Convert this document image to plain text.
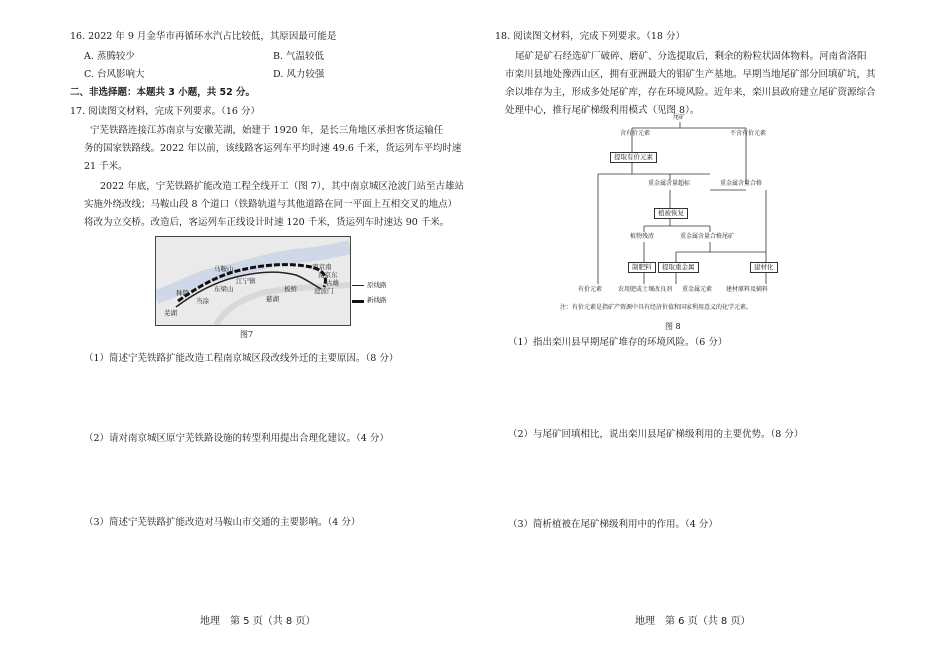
16. 2022 年 9 月金华市再循环水汽占比较低，其原因最可能是
A. 蒸腾较少	B. 气温较低
C. 台风影响大	D. 风力较强
二、非选择题：本题共 3 小题，共 52 分。
17. 阅读图文材料，完成下列要求。（16 分）
宁芜铁路连接江苏南京与安徽芜湖，始建于 1920 年，是长三角地区承担客货运输任
务的国家铁路线。2022 年以前，该线路客运列车平均时速 49.6 千米，货运列车平均时速
21 千米。
2022 年底，宁芜铁路扩能改造工程全线开工（图 7），其中南京城区沧波门站至古雄站
实施外绕改线；马鞍山段 8 个道口（铁路轨道与其他道路在同一平面上互相交叉的地点）
将改为立交桥。改造后，客运列车正线设计时速 120 千米，货运列车时速达 90 千米。
马鞍山
江宁镇
南京南
南京东
古雄
沧波门
板桥
秣陵
当涂
芜湖
东梁山
慈湖
原线路
新线路
图7
（1）简述宁芜铁路扩能改造工程南京城区段改线外迁的主要原因。（8 分）
（2）请对南京城区原宁芜铁路设施的转型利用提出合理化建议。（4 分）
（3）简述宁芜铁路扩能改造对马鞍山市交通的主要影响。（4 分）
地理　第 5 页（共 8 页）
18. 阅读图文材料，完成下列要求。（18 分）
尾矿是矿石经选矿厂破碎、磨矿、分选提取后，剩余的粉粒状固体物料。河南省洛阳
市栾川县地处豫西山区，拥有亚洲最大的钼矿生产基地。早期当地尾矿部分回填矿坑，其
余以堆存为主，形成多处尾矿库，存在环境风险。近年来，栾川县政府建立尾矿资源综合
处理中心，推行尾矿梯级利用模式（见图 8）。
尾矿
含有价元素	不含有价元素
提取有价元素
重金属含量超标	重金属含量合格
植被恢复
植物残渣	重金属含量合格尾矿
制肥料	提取重金属	建材化
有价元素	农用肥或土壤改良剂 重金属元素 建材原料及辅料
注：有价元素是指矿产资源中具有经济价值和国家利用意义的化学元素。
图 8
（1）指出栾川县早期尾矿堆存的环境风险。（6 分）
（2）与尾矿回填相比，说出栾川县尾矿梯级利用的主要优势。（8 分）
（3）简析植被在尾矿梯级利用中的作用。（4 分）
地理　第 6 页（共 8 页）
